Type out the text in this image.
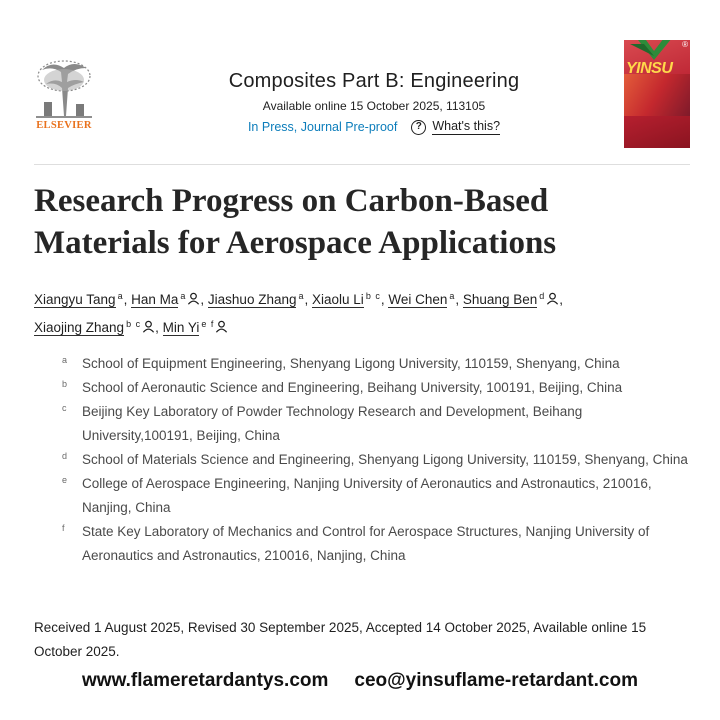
ELSEVIER
Composites Part B: Engineering
Available online 15 October 2025, 113105
In Press, Journal Pre-proof	? What's this?
®
YINSU
Research Progress on Carbon-Based
Materials for Aerospace Applications
Xiangyu Tang $^a$, Han Ma $^a$ , Jiashuo Zhang $^a$, Xiaolu Li $^{b c}$, Wei Chen $^a$, Shuang Ben $^d$ , Xiaojing Zhang $^{b c}$ , Min Yi $^{e f}$
a	School of Equipment Engineering, Shenyang Ligong University, 110159, Shenyang, China
b	School of Aeronautic Science and Engineering, Beihang University, 100191, Beijing, China
c	Beijing Key Laboratory of Powder Technology Research and Development, Beihang University,100191, Beijing, China
d	School of Materials Science and Engineering, Shenyang Ligong University, 110159, Shenyang, China
e	College of Aerospace Engineering, Nanjing University of Aeronautics and Astronautics, 210016, Nanjing, China
f	State Key Laboratory of Mechanics and Control for Aerospace Structures, Nanjing University of Aeronautics and Astronautics, 210016, Nanjing, China
Received 1 August 2025, Revised 30 September 2025, Accepted 14 October 2025, Available online 15 October 2025.
www.flameretardantys.com ceo@yinsuflame-retardant.com
